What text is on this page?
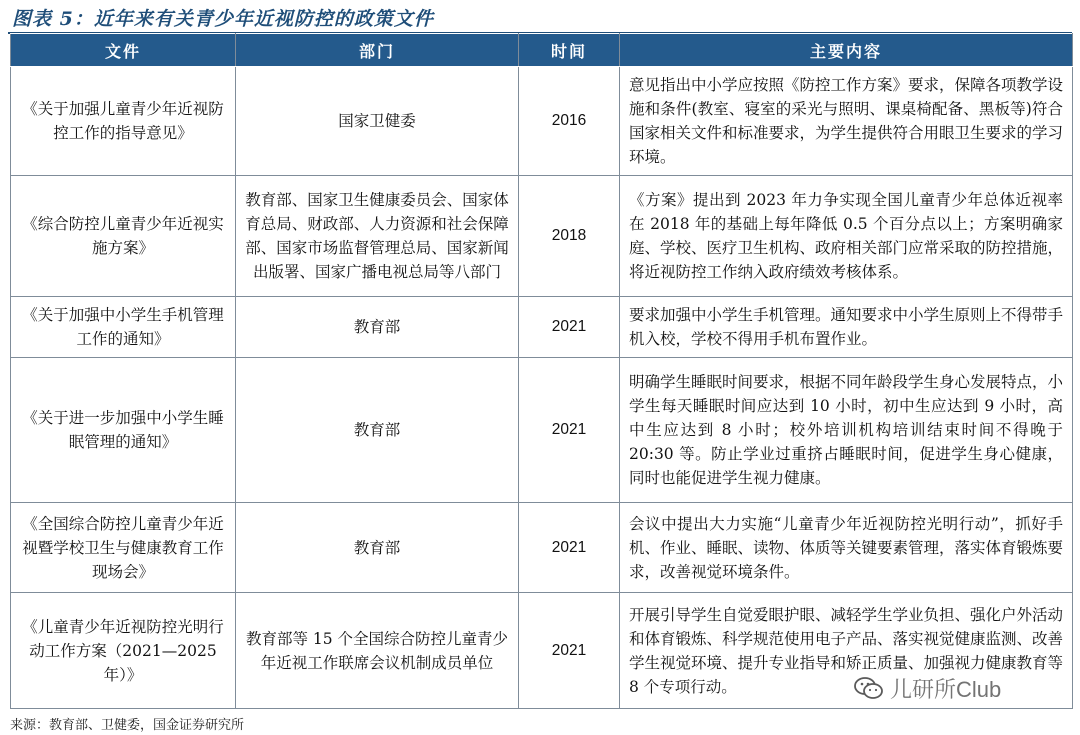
图表 5：近年来有关青少年近视防控的政策文件
文件	部门	时间	主要内容
《关于加强儿童青少年近视防控工作的指导意见》	国家卫健委	2016	意见指出中小学应按照《防控工作方案》要求，保障各项教学设施和条件(教室、寝室的采光与照明、课桌椅配备、黑板等)符合国家相关文件和标准要求，为学生提供符合用眼卫生要求的学习环境。
《综合防控儿童青少年近视实施方案》	教育部、国家卫生健康委员会、国家体育总局、财政部、人力资源和社会保障部、国家市场监督管理总局、国家新闻出版署、国家广播电视总局等八部门	2018	《方案》提出到 2023 年力争实现全国儿童青少年总体近视率在 2018 年的基础上每年降低 0.5 个百分点以上；方案明确家庭、学校、医疗卫生机构、政府相关部门应常采取的防控措施，将近视防控工作纳入政府绩效考核体系。
《关于加强中小学生手机管理工作的通知》	教育部	2021	要求加强中小学生手机管理。通知要求中小学生原则上不得带手机入校，学校不得用手机布置作业。
《关于进一步加强中小学生睡眠管理的通知》	教育部	2021	明确学生睡眠时间要求，根据不同年龄段学生身心发展特点，小学生每天睡眠时间应达到 10 小时，初中生应达到 9 小时，高中生应达到 8 小时；校外培训机构培训结束时间不得晚于 20:30 等。防止学业过重挤占睡眠时间，促进学生身心健康，同时也能促进学生视力健康。
《全国综合防控儿童青少年近视暨学校卫生与健康教育工作现场会》	教育部	2021	会议中提出大力实施“儿童青少年近视防控光明行动”，抓好手机、作业、睡眠、读物、体质等关键要素管理，落实体育锻炼要求，改善视觉环境条件。
《儿童青少年近视防控光明行动工作方案（2021—2025 年）》	教育部等 15 个全国综合防控儿童青少年近视工作联席会议机制成员单位	2021	开展引导学生自觉爱眼护眼、减轻学生学业负担、强化户外活动和体育锻炼、科学规范使用电子产品、落实视觉健康监测、改善学生视觉环境、提升专业指导和矫正质量、加强视力健康教育等 8 个专项行动。	儿研所Club
来源：教育部、卫健委，国金证券研究所
